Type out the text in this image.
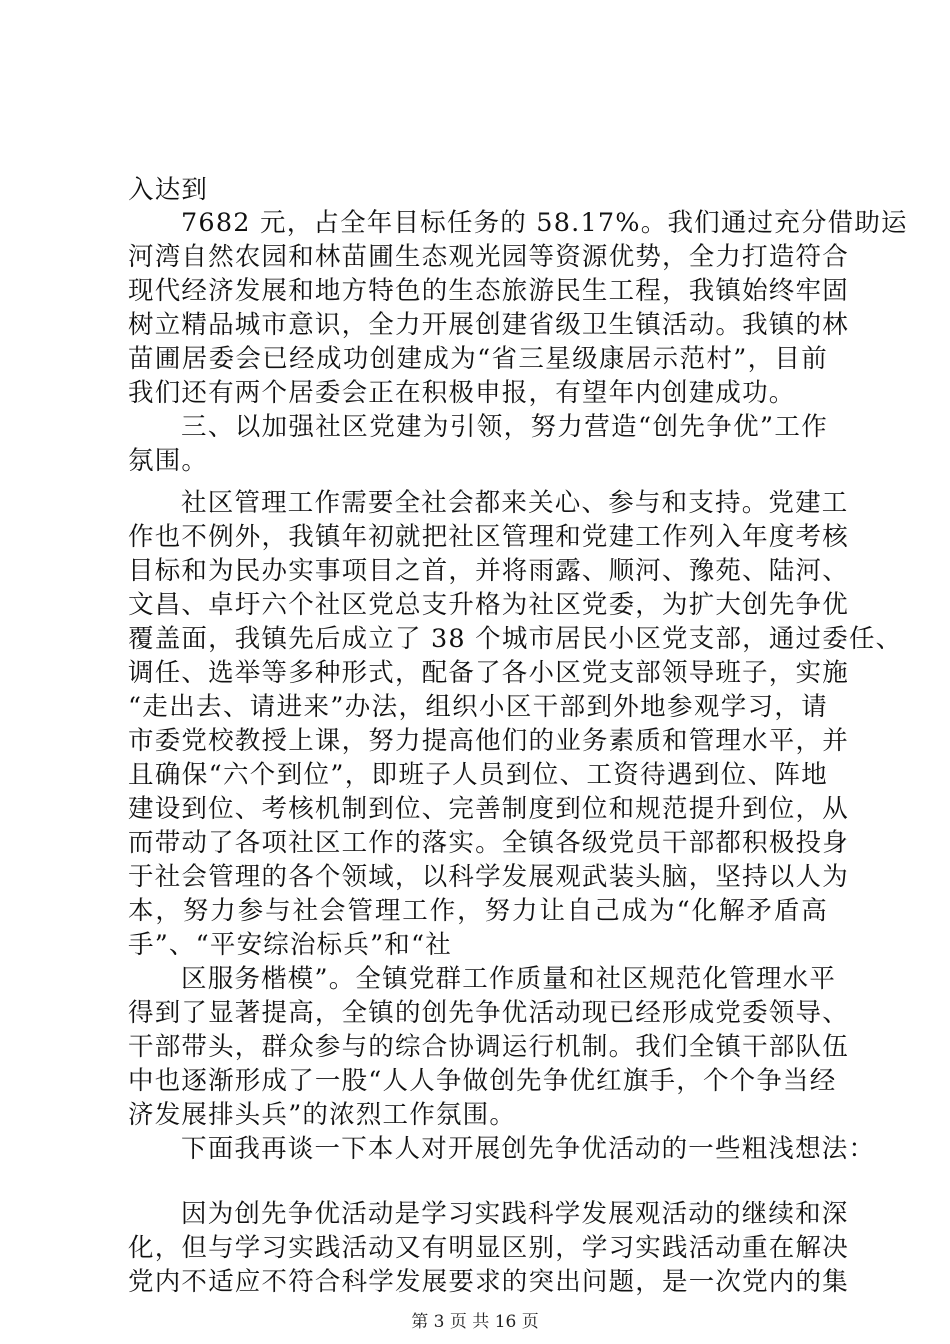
入达到
7682 元，占全年目标任务的 58.17%。我们通过充分借助运
河湾自然农园和林苗圃生态观光园等资源优势，全力打造符合
现代经济发展和地方特色的生态旅游民生工程，我镇始终牢固
树立精品城市意识，全力开展创建省级卫生镇活动。我镇的林
苗圃居委会已经成功创建成为“省三星级康居示范村”，目前
我们还有两个居委会正在积极申报，有望年内创建成功。
三、以加强社区党建为引领，努力营造“创先争优”工作
氛围。
社区管理工作需要全社会都来关心、参与和支持。党建工
作也不例外，我镇年初就把社区管理和党建工作列入年度考核
目标和为民办实事项目之首，并将雨露、顺河、豫苑、陆河、
文昌、卓圩六个社区党总支升格为社区党委，为扩大创先争优
覆盖面，我镇先后成立了 38 个城市居民小区党支部，通过委任、
调任、选举等多种形式，配备了各小区党支部领导班子，实施
“走出去、请进来”办法，组织小区干部到外地参观学习，请
市委党校教授上课，努力提高他们的业务素质和管理水平，并
且确保“六个到位”，即班子人员到位、工资待遇到位、阵地
建设到位、考核机制到位、完善制度到位和规范提升到位，从
而带动了各项社区工作的落实。全镇各级党员干部都积极投身
于社会管理的各个领域，以科学发展观武装头脑，坚持以人为
本，努力参与社会管理工作，努力让自己成为“化解矛盾高
手”、“平安综治标兵”和“社
区服务楷模”。全镇党群工作质量和社区规范化管理水平
得到了显著提高，全镇的创先争优活动现已经形成党委领导、
干部带头，群众参与的综合协调运行机制。我们全镇干部队伍
中也逐渐形成了一股“人人争做创先争优红旗手，个个争当经
济发展排头兵”的浓烈工作氛围。
下面我再谈一下本人对开展创先争优活动的一些粗浅想法：
因为创先争优活动是学习实践科学发展观活动的继续和深
化，但与学习实践活动又有明显区别，学习实践活动重在解决
党内不适应不符合科学发展要求的突出问题，是一次党内的集
第 3 页 共 16 页
